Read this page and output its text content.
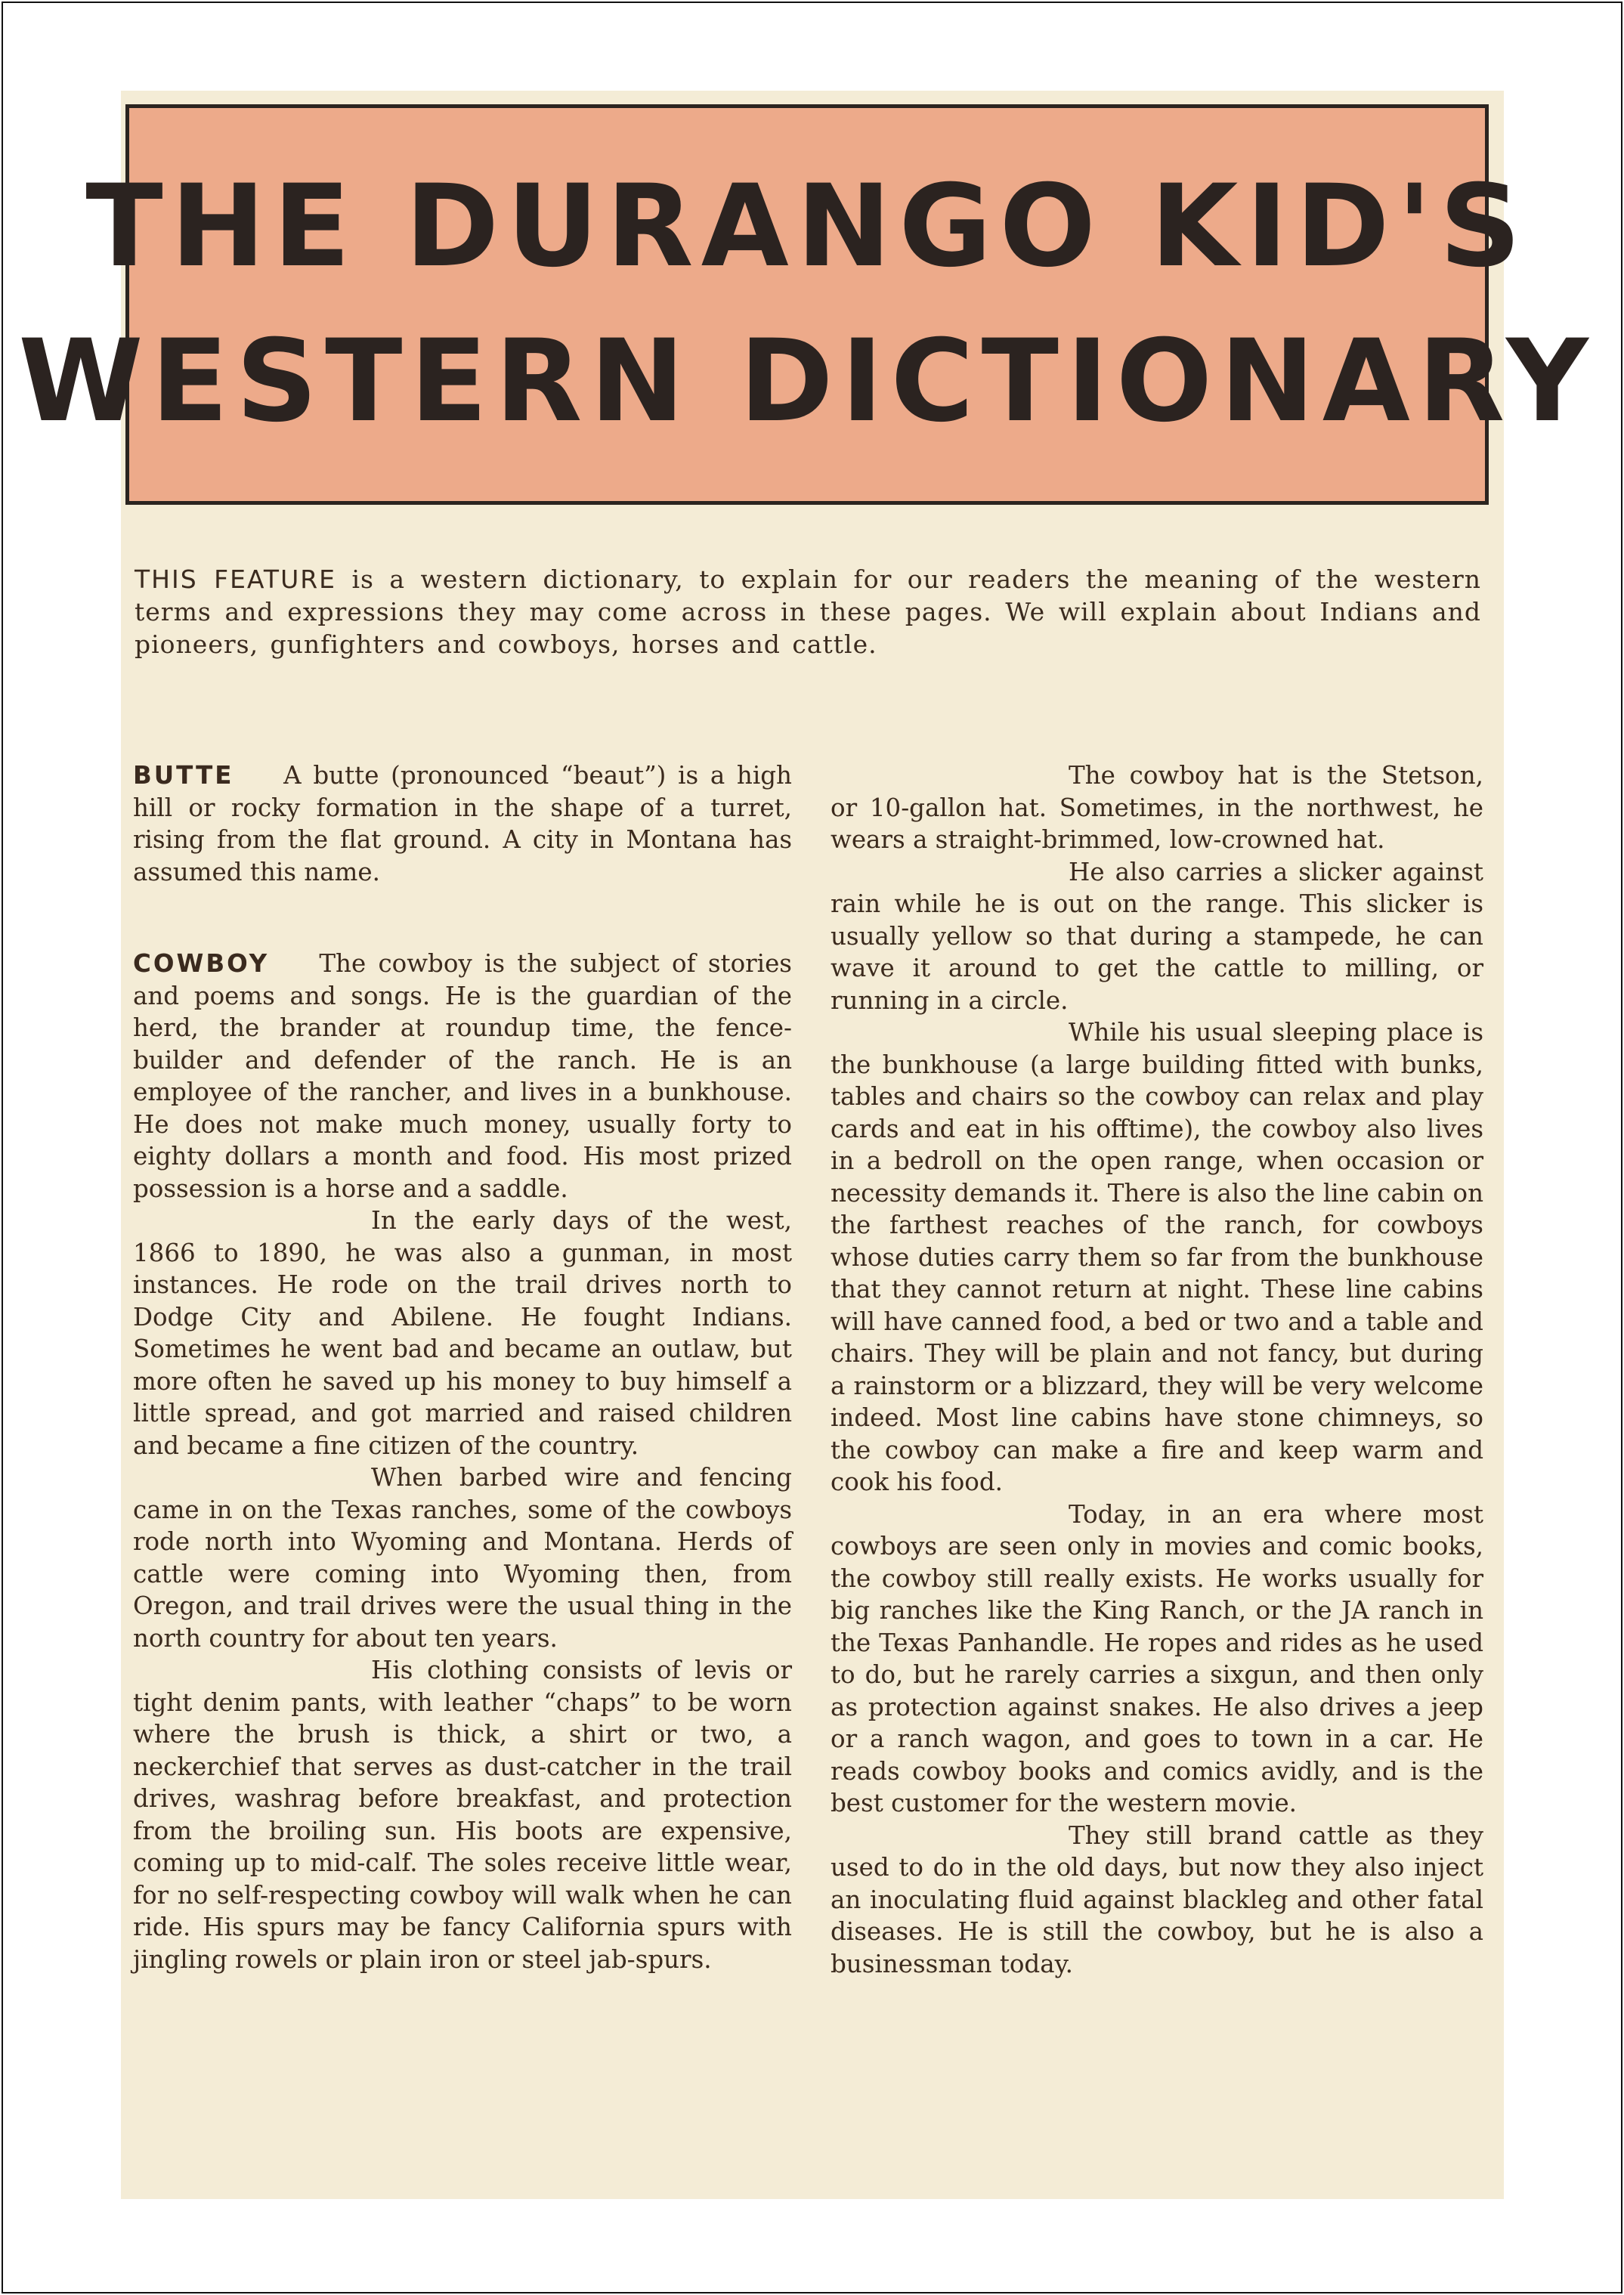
THE DURANGO KID'S
WESTERN DICTIONARY
THIS FEATURE is a western dictionary, to explain for our readers the meaning of the western terms and expressions they may come across in these pages. We will explain about Indians and pioneers, gunfighters and cowboys, horses and cattle.

BUTTE A butte (pronounced “beaut”) is a high hill or rocky formation in the shape of a turret, rising from the flat ground. A city in Montana has assumed this name.

COWBOY The cowboy is the subject of stories and poems and songs. He is the guardian of the herd, the brander at roundup time, the fence-builder and defender of the ranch. He is an employee of the rancher, and lives in a bunkhouse. He does not make much money, usually forty to eighty dollars a month and food. His most prized possession is a horse and a saddle.

In the early days of the west, 1866 to 1890, he was also a gunman, in most instances. He rode on the trail drives north to Dodge City and Abilene. He fought Indians. Sometimes he went bad and became an outlaw, but more often he saved up his money to buy himself a little spread, and got married and raised children and became a fine citizen of the country.

When barbed wire and fencing came in on the Texas ranches, some of the cowboys rode north into Wyoming and Montana. Herds of cattle were coming into Wyoming then, from Oregon, and trail drives were the usual thing in the north country for about ten years.

His clothing consists of levis or tight denim pants, with leather “chaps” to be worn where the brush is thick, a shirt or two, a neckerchief that serves as dust-catcher in the trail drives, washrag before breakfast, and protection from the broiling sun. His boots are expensive, coming up to mid-calf. The soles receive little wear, for no self-respecting cowboy will walk when he can ride. His spurs may be fancy California spurs with jingling rowels or plain iron or steel jab-spurs.

The cowboy hat is the Stetson, or 10-gallon hat. Sometimes, in the northwest, he wears a straight-brimmed, low-crowned hat.

He also carries a slicker against rain while he is out on the range. This slicker is usually yellow so that during a stampede, he can wave it around to get the cattle to milling, or running in a circle.

While his usual sleeping place is the bunkhouse (a large building fitted with bunks, tables and chairs so the cowboy can relax and play cards and eat in his offtime), the cowboy also lives in a bedroll on the open range, when occasion or necessity demands it. There is also the line cabin on the farthest reaches of the ranch, for cowboys whose duties carry them so far from the bunkhouse that they cannot return at night. These line cabins will have canned food, a bed or two and a table and chairs. They will be plain and not fancy, but during a rainstorm or a blizzard, they will be very welcome indeed. Most line cabins have stone chimneys, so the cowboy can make a fire and keep warm and cook his food.

Today, in an era where most cowboys are seen only in movies and comic books, the cowboy still really exists. He works usually for big ranches like the King Ranch, or the JA ranch in the Texas Panhandle. He ropes and rides as he used to do, but he rarely carries a sixgun, and then only as protection against snakes. He also drives a jeep or a ranch wagon, and goes to town in a car. He reads cowboy books and comics avidly, and is the best customer for the western movie.

They still brand cattle as they used to do in the old days, but now they also inject an inoculating fluid against blackleg and other fatal diseases. He is still the cowboy, but he is also a businessman today.
